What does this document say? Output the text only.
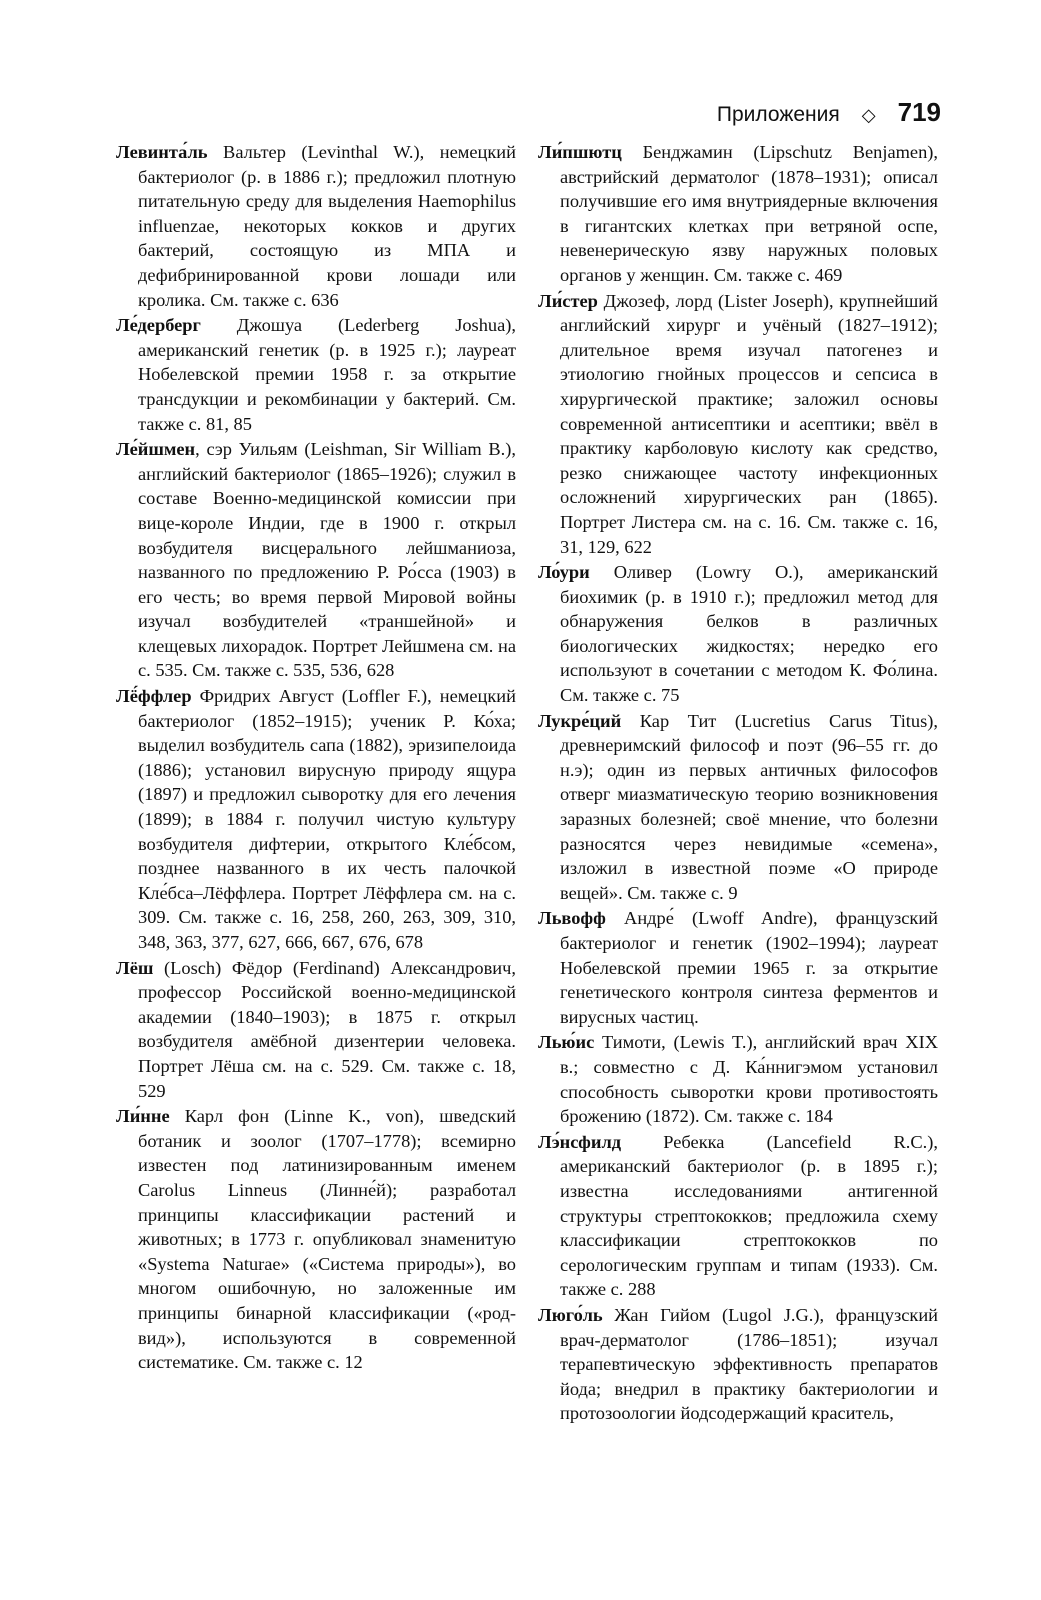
Приложения ◇ 719

Левинта́ль Вальтер (Levinthal W.), немецкий бактериолог (р. в 1886 г.); предложил плотную питательную среду для выделения Haemophilus influenzae, некоторых кокков и других бактерий, состоящую из МПА и дефибринированной крови лошади или кролика. См. также с. 636

Ле́дерберг Джошуа (Lederberg Joshua), американский генетик (р. в 1925 г.); лауреат Нобелевской премии 1958 г. за открытие трансдукции и рекомбинации у бактерий. См. также с. 81, 85

Ле́йшмен, сэр Уильям (Leishman, Sir William B.), английский бактериолог (1865–1926); служил в составе Военно-медицинской комиссии при вице-короле Индии, где в 1900 г. открыл возбудителя висцерального лейшманиоза, названного по предложению Р. Ро́сса (1903) в его честь; во время первой Мировой войны изучал возбудителей «траншейной» и клещевых лихорадок. Портрет Лейшмена см. на с. 535. См. также с. 535, 536, 628

Лё́ффлер Фридрих Август (Loffler F.), немецкий бактериолог (1852–1915); ученик Р. Ко́ха; выделил возбудитель сапа (1882), эризипелоида (1886); установил вирусную природу ящура (1897) и предложил сыворотку для его лечения (1899); в 1884 г. получил чистую культуру возбудителя дифтерии, открытого Кле́бсом, позднее названного в их честь палочкой Кле́бса–Лёффлера. Портрет Лёффлера см. на с. 309. См. также с. 16, 258, 260, 263, 309, 310, 348, 363, 377, 627, 666, 667, 676, 678

Лёш (Losch) Фёдор (Ferdinand) Александрович, профессор Российской военно-медицинской академии (1840–1903); в 1875 г. открыл возбудителя амёбной дизентерии человека. Портрет Лёша см. на с. 529. См. также с. 18, 529

Ли́нне Карл фон (Linne K., von), шведский ботаник и зоолог (1707–1778); всемирно известен под латинизированным именем Carolus Linneus (Линне́й); разработал принципы классификации растений и животных; в 1773 г. опубликовал знаменитую «Systema Naturae» («Система природы»), во многом ошибочную, но заложенные им принципы бинарной классификации («род-вид»), используются в современной систематике. См. также с. 12

Ли́пшютц Бенджамин (Lipschutz Benjamen), австрийский дерматолог (1878–1931); описал получившие его имя внутриядерные включения в гигантских клетках при ветряной оспе, невенерическую язву наружных половых органов у женщин. См. также с. 469

Ли́стер Джозеф, лорд (Lister Joseph), крупнейший английский хирург и учёный (1827–1912); длительное время изучал патогенез и этиологию гнойных процессов и сепсиса в хирургической практике; заложил основы современной антисептики и асептики; ввёл в практику карболовую кислоту как средство, резко снижающее частоту инфекционных осложнений хирургических ран (1865). Портрет Листера см. на с. 16. См. также с. 16, 31, 129, 622

Ло́ури Оливер (Lowry O.), американский биохимик (р. в 1910 г.); предложил метод для обнаружения белков в различных биологических жидкостях; нередко его используют в сочетании с методом К. Фо́лина. См. также с. 75

Лукре́ций Кар Тит (Lucretius Carus Titus), древнеримский философ и поэт (96–55 гг. до н.э); один из первых античных философов отверг миазматическую теорию возникновения заразных болезней; своё мнение, что болезни разносятся через невидимые «семена», изложил в известной поэме «О природе вещей». См. также с. 9

Львофф Андре́ (Lwoff Andre), французский бактериолог и генетик (1902–1994); лауреат Нобелевской премии 1965 г. за открытие генетического контроля синтеза ферментов и вирусных частиц.

Лью́ис Тимоти, (Lewis T.), английский врач XIX в.; совместно с Д. Ка́ннигэмом установил способность сыворотки крови противостоять брожению (1872). См. также с. 184

Лэ́нсфилд Ребекка (Lancefield R.C.), американский бактериолог (р. в 1895 г.); известна исследованиями антигенной структуры стрептококков; предложила схему классификации стрептококков по серологическим группам и типам (1933). См. также с. 288

Люго́ль Жан Гийом (Lugol J.G.), французский врач-дерматолог (1786–1851); изучал терапевтическую эффективность препаратов йода; внедрил в практику бактериологии и протозоологии йодсодержащий краситель,
